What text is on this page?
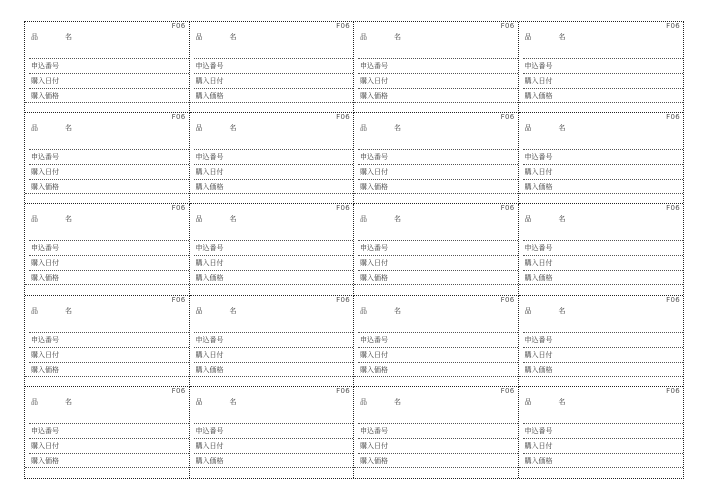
F06
品　名
申込番号
購入日付
購入価格
F06
品　名
申込番号
購入日付
購入価格
F06
品　名
申込番号
購入日付
購入価格
F06
品　名
申込番号
購入日付
購入価格
F06
品　名
申込番号
購入日付
購入価格
F06
品　名
申込番号
購入日付
購入価格
F06
品　名
申込番号
購入日付
購入価格
F06
品　名
申込番号
購入日付
購入価格
F06
品　名
申込番号
購入日付
購入価格
F06
品　名
申込番号
購入日付
購入価格
F06
品　名
申込番号
購入日付
購入価格
F06
品　名
申込番号
購入日付
購入価格
F06
品　名
申込番号
購入日付
購入価格
F06
品　名
申込番号
購入日付
購入価格
F06
品　名
申込番号
購入日付
購入価格
F06
品　名
申込番号
購入日付
購入価格
F06
品　名
申込番号
購入日付
購入価格
F06
品　名
申込番号
購入日付
購入価格
F06
品　名
申込番号
購入日付
購入価格
F06
品　名
申込番号
購入日付
購入価格
